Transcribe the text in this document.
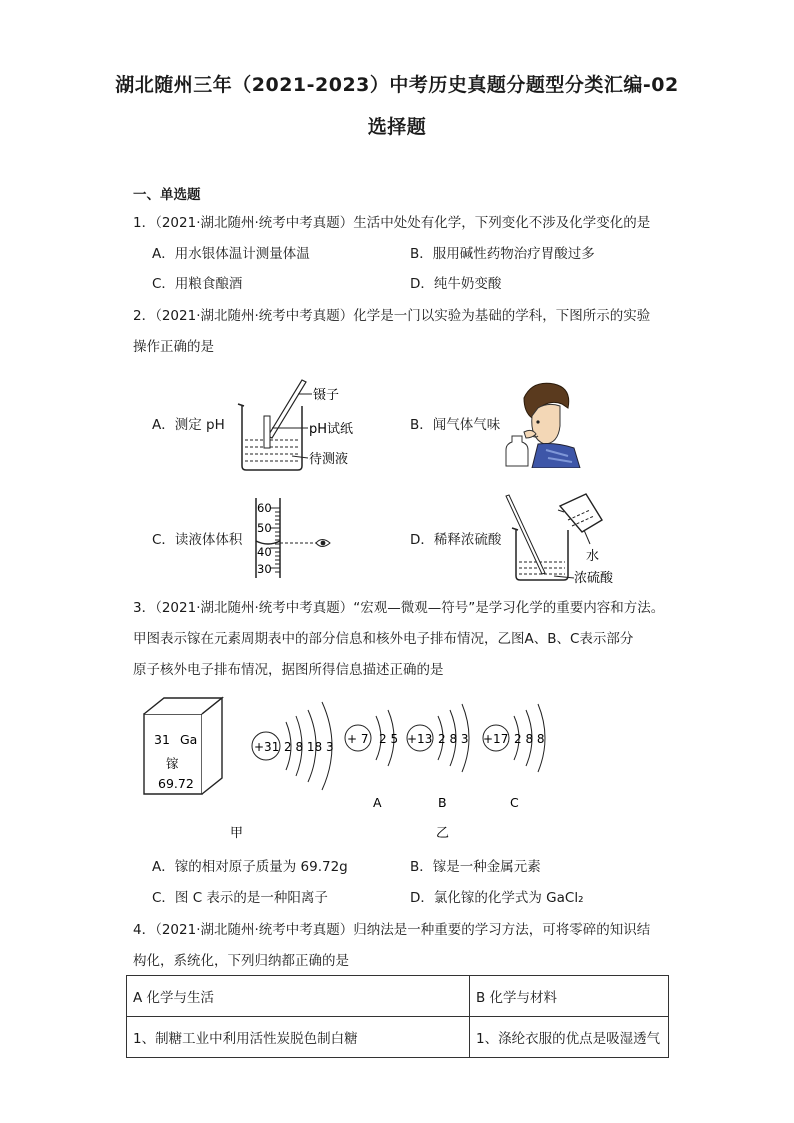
湖北随州三年（2021-2023）中考历史真题分题型分类汇编-02
选择题
一、单选题
1．（2021·湖北随州·统考中考真题）生活中处处有化学，下列变化不涉及化学变化的是
A．用水银体温计测量体温	B．服用碱性药物治疗胃酸过多
C．用粮食酿酒	D．纯牛奶变酸
2．（2021·湖北随州·统考中考真题）化学是一门以实验为基础的学科，下图所示的实验
操作正确的是
A．测定 pH
镊子
pH试纸
待测液
B．闻气体气味
C．读液体体积
60
50
40
30
D．稀释浓硫酸
水
浓硫酸
3．（2021·湖北随州·统考中考真题）“宏观—微观—符号”是学习化学的重要内容和方法。
甲图表示镓在元素周期表中的部分信息和核外电子排布情况，乙图A、B、C表示部分
原子核外电子排布情况，据图所得信息描述正确的是
31 Ga
镓
69.72
+31 2 8 18 3
+ 7 2 5
A
+13 2 8 3
B
+17 2 8 8
C
甲	乙
A．镓的相对原子质量为 69.72g	B．镓是一种金属元素
C．图 C 表示的是一种阳离子	D．氯化镓的化学式为 GaCl₂
4．（2021·湖北随州·统考中考真题）归纳法是一种重要的学习方法，可将零碎的知识结
构化，系统化，下列归纳都正确的是
A 化学与生活	B 化学与材料
1、制糖工业中利用活性炭脱色制白糖	1、涤纶衣服的优点是吸湿透气
